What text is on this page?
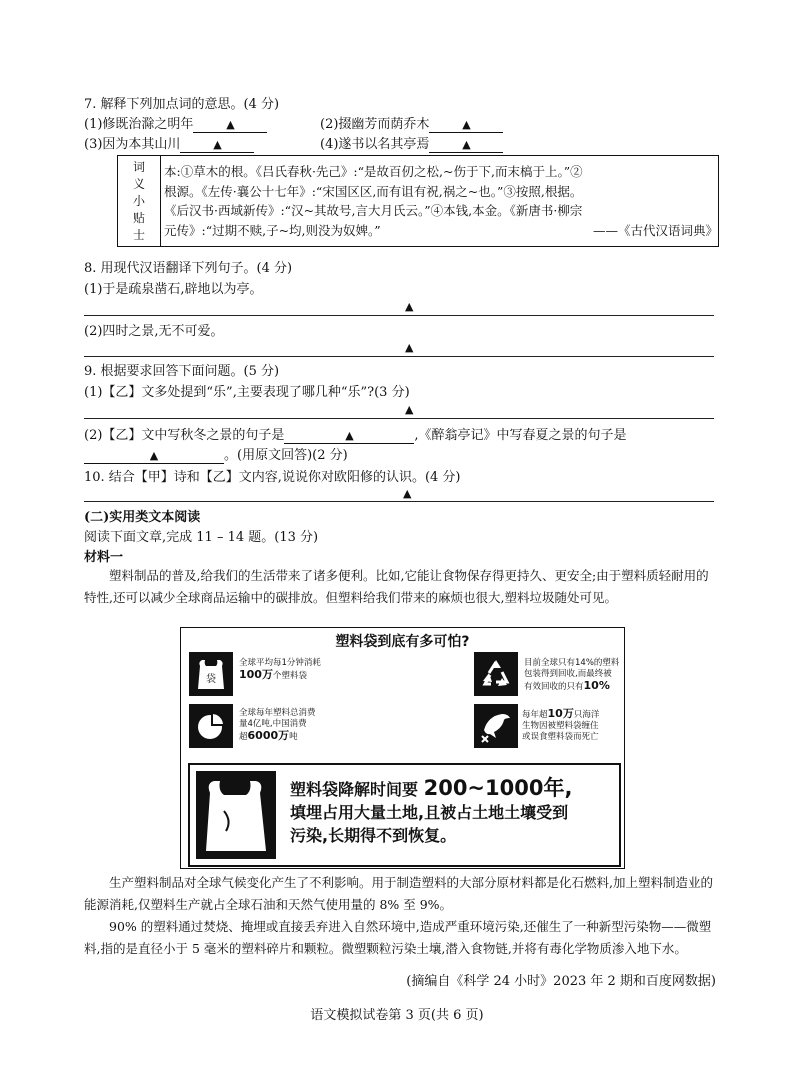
7. 解释下列加点词的意思。(4 分)
(1)修既治滁之明年	▲	(2)掇幽芳而荫乔木	▲
(3)因为本其山川	▲	(4)遂书以名其亭焉	▲
词
义
小
贴
士
本:①草木的根。《吕氏春秋·先己》:“是故百仞之松,~伤于下,而末槁于上。”②
根源。《左传·襄公十七年》:“宋国区区,而有诅有祝,祸之~也。”③按照,根据。
《后汉书·西域新传》:“汉~其故号,言大月氏云。”④本钱,本金。《新唐书·柳宗
元传》:“过期不赎,子~均,则没为奴婢。”	——《古代汉语词典》
8. 用现代汉语翻译下列句子。(4 分)
(1)于是疏泉凿石,辟地以为亭。
▲
(2)四时之景,无不可爱。
▲
9. 根据要求回答下面问题。(5 分)
(1)【乙】文多处提到“乐”,主要表现了哪几种“乐”?(3 分)
▲
(2)【乙】文中写秋冬之景的句子是	▲	,《醉翁亭记》中写春夏之景的句子是
▲	。(用原文回答)(2 分)
10. 结合【甲】诗和【乙】文内容,说说你对欧阳修的认识。(4 分)
▲
(二)实用类文本阅读
阅读下面文章,完成 11 – 14 题。(13 分)
材料一

塑料制品的普及,给我们的生活带来了诸多便利。比如,它能让食物保存得更持久、更安全;由于塑料质轻耐用的特性,还可以减少全球商品运输中的碳排放。但塑料给我们带来的麻烦也很大,塑料垃圾随处可见。

塑料袋到底有多可怕?
袋
全球平均每1分钟消耗
100万个塑料袋
目前全球只有14%的塑料
包装得到回收,而最终被
有效回收的只有10%
全球每年塑料总消费
量4亿吨,中国消费
超6000万吨
每年超10万只海洋
生物因被塑料袋缠住
或误食塑料袋而死亡
塑料袋降解时间要 200~1000年,
填埋占用大量土地,且被占土地土壤受到
污染,长期得不到恢复。

生产塑料制品对全球气候变化产生了不利影响。用于制造塑料的大部分原材料都是化石燃料,加上塑料制造业的能源消耗,仅塑料生产就占全球石油和天然气使用量的 8% 至 9%。

90% 的塑料通过焚烧、掩埋或直接丢弃进入自然环境中,造成严重环境污染,还催生了一种新型污染物——微塑料,指的是直径小于 5 毫米的塑料碎片和颗粒。微塑颗粒污染土壤,潜入食物链,并将有毒化学物质渗入地下水。

(摘编自《科学 24 小时》2023 年 2 期和百度网数据)
语文模拟试卷第 3 页(共 6 页)
